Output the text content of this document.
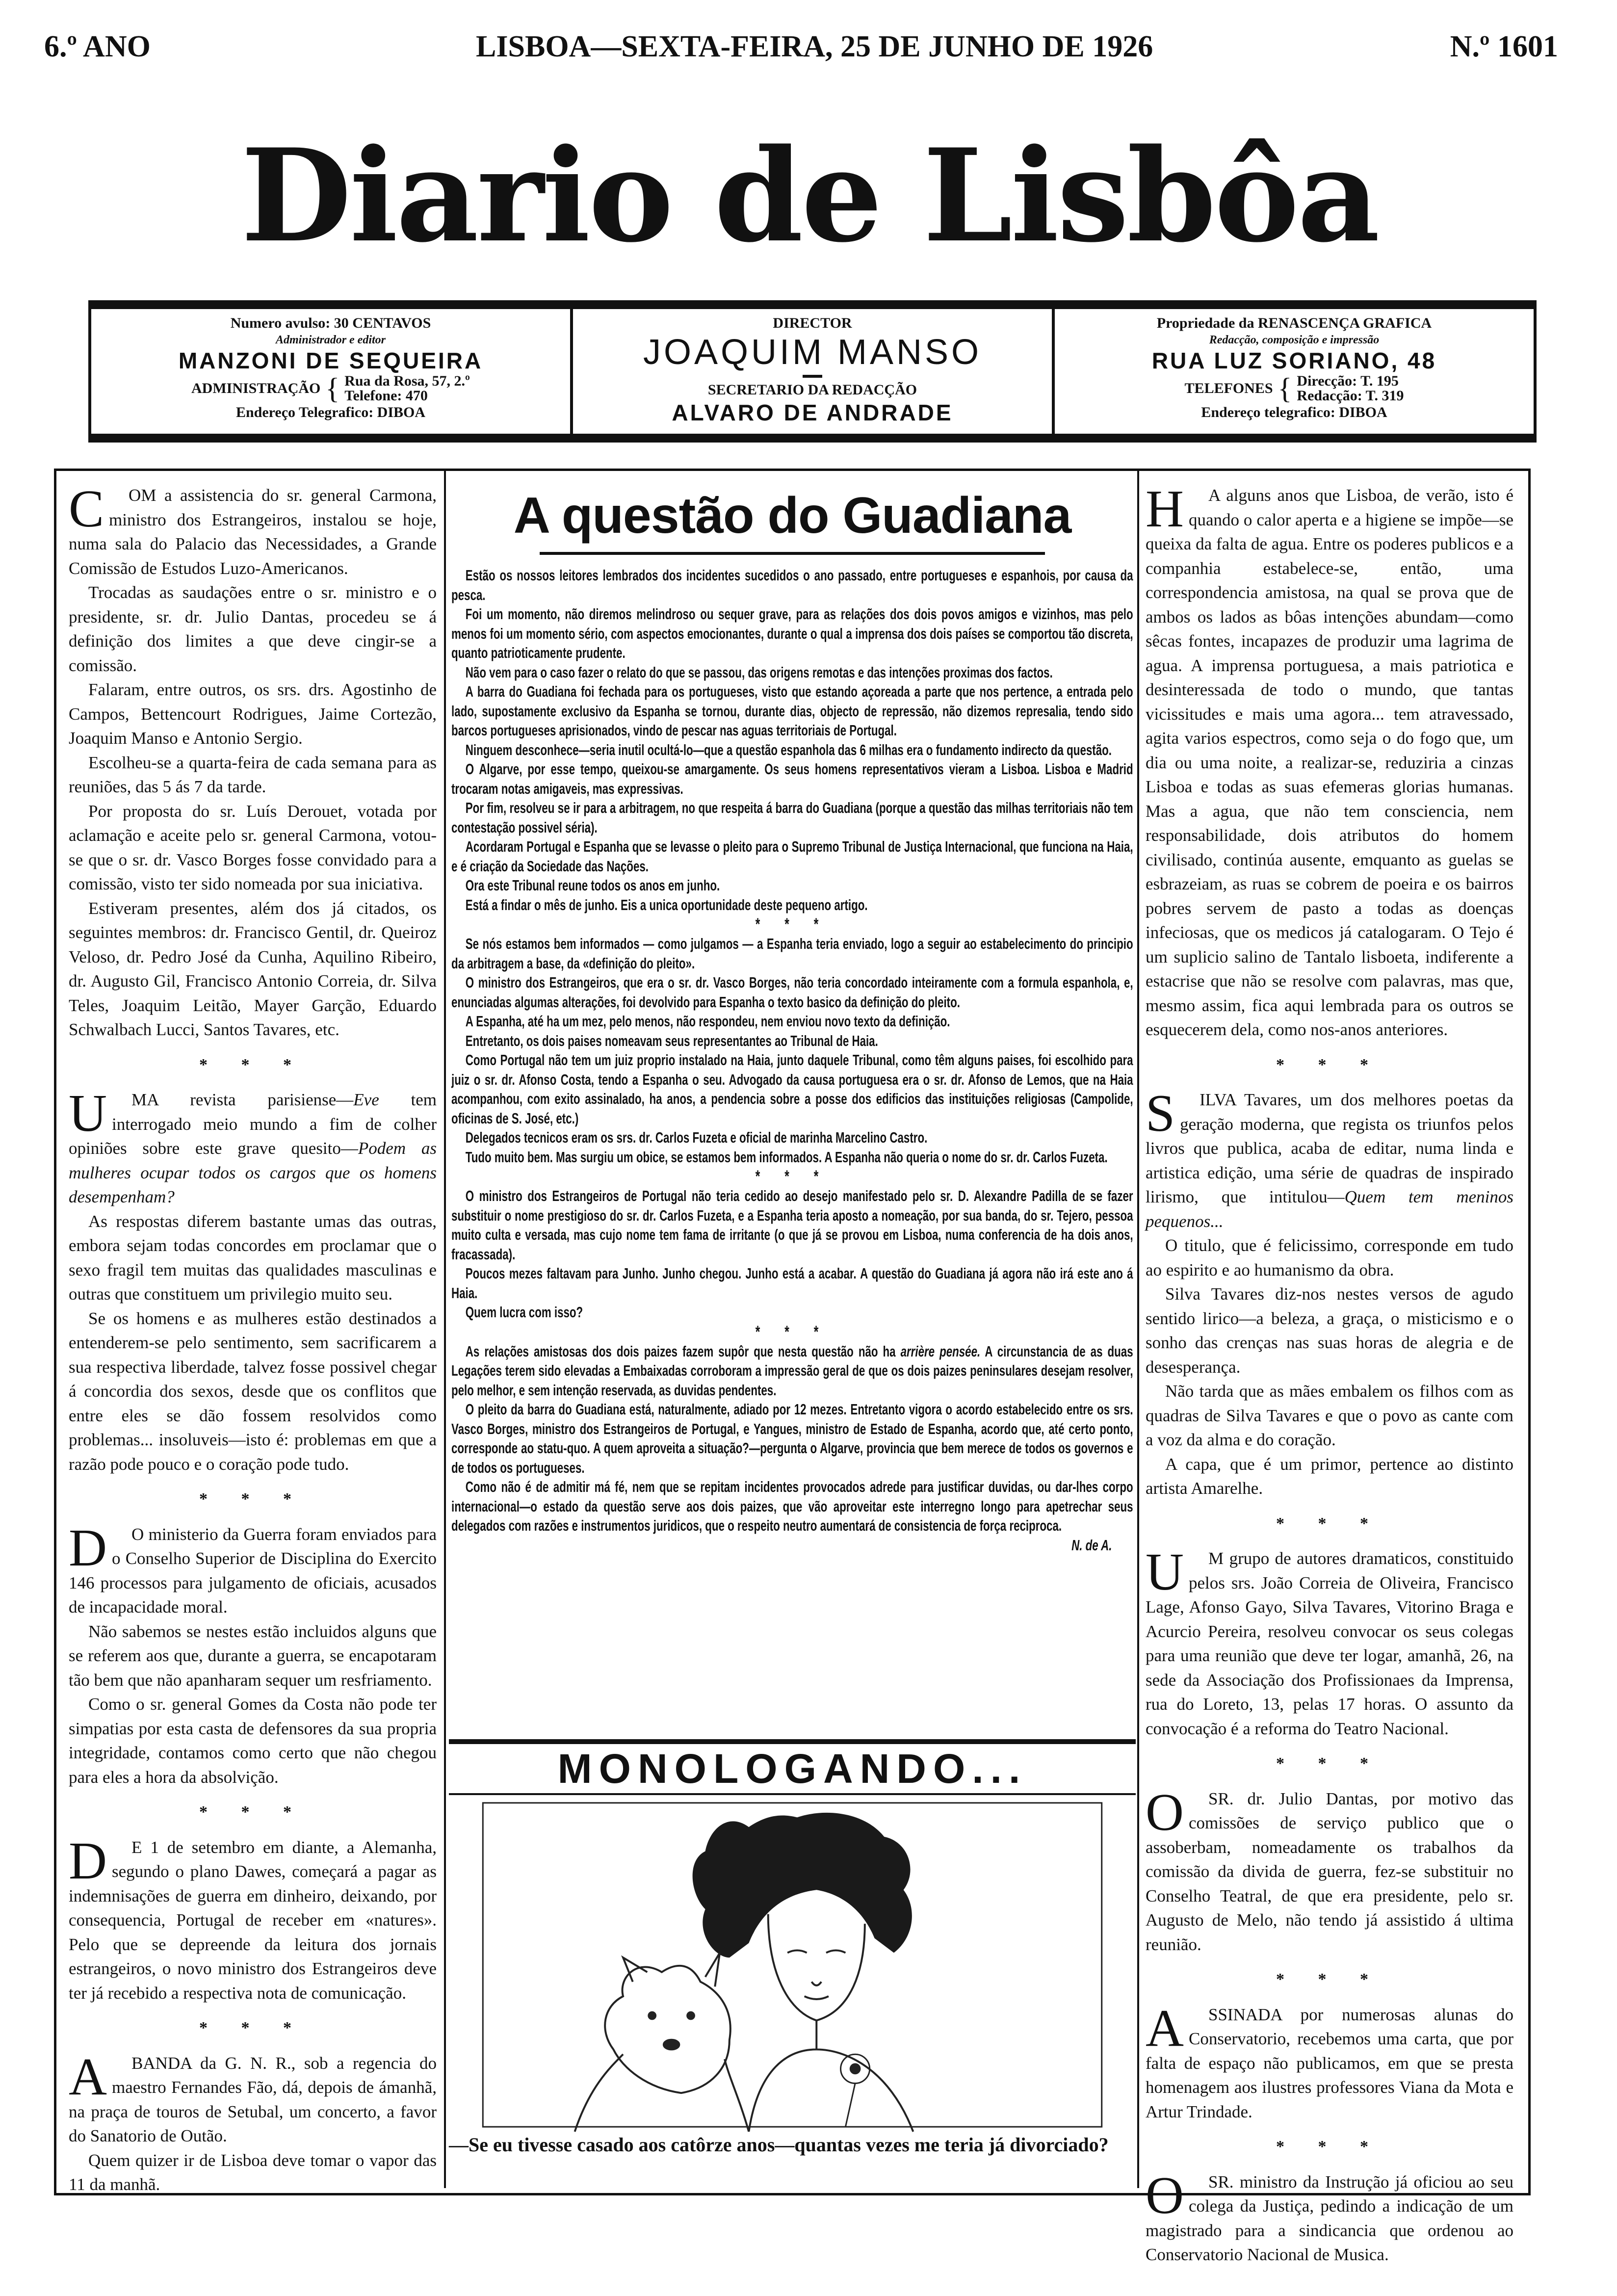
6.º ANO	LISBOA—SEXTA-FEIRA, 25 DE JUNHO DE 1926	N.º 1601
Diario de Lisbôa
Numero avulso: 30 CENTAVOS
Administrador e editor
MANZONI DE SEQUEIRA
ADMINISTRAÇÃO { Rua da Rosa, 57, 2.º
Telefone: 470
Endereço Telegrafico: DIBOA
DIRECTOR
JOAQUIM MANSO
SECRETARIO DA REDACÇÃO
ALVARO DE ANDRADE
Propriedade da RENASCENÇA GRAFICA
Redacção, composição e impressão
RUA LUZ SORIANO, 48
TELEFONES { Direcção: T. 195
Redacção: T. 319
Endereço telegrafico: DIBOA
C	OM a assistencia do sr. general Carmona, ministro dos Estrangeiros, instalou se hoje, numa sala do Palacio das Necessidades, a Grande Comissão de Estudos Luzo-Americanos.

Trocadas as saudações entre o sr. ministro e o presidente, sr. dr. Julio Dantas, procedeu se á definição dos limites a que deve cingir-se a comissão.

Falaram, entre outros, os srs. drs. Agostinho de Campos, Bettencourt Rodrigues, Jaime Cortezão, Joaquim Manso e Antonio Sergio.

Escolheu-se a quarta-feira de cada semana para as reuniões, das 5 ás 7 da tarde.

Por proposta do sr. Luís Derouet, votada por aclamação e aceite pelo sr. general Carmona, votou-se que o sr. dr. Vasco Borges fosse convidado para a comissão, visto ter sido nomeada por sua iniciativa.

Estiveram presentes, além dos já citados, os seguintes membros: dr. Francisco Gentil, dr. Queiroz Veloso, dr. Pedro José da Cunha, Aquilino Ribeiro, dr. Augusto Gil, Francisco Antonio Correia, dr. Silva Teles, Joaquim Leitão, Mayer Garção, Eduardo Schwalbach Lucci, Santos Tavares, etc.

* * *
U	MA revista parisiense—Eve tem interrogado meio mundo a fim de colher opiniões sobre este grave quesito—Podem as mulheres ocupar todos os cargos que os homens desempenham?

As respostas diferem bastante umas das outras, embora sejam todas concordes em proclamar que o sexo fragil tem muitas das qualidades masculinas e outras que constituem um privilegio muito seu.

Se os homens e as mulheres estão destinados a entenderem-se pelo sentimento, sem sacrificarem a sua respectiva liberdade, talvez fosse possivel chegar á concordia dos sexos, desde que os conflitos que entre eles se dão fossem resolvidos como problemas... insoluveis—isto é: problemas em que a razão pode pouco e o coração pode tudo.

* * *
D	O ministerio da Guerra foram enviados para o Conselho Superior de Disciplina do Exercito 146 processos para julgamento de oficiais, acusados de incapacidade moral.

Não sabemos se nestes estão incluidos alguns que se referem aos que, durante a guerra, se encapotaram tão bem que não apanharam sequer um resfriamento.

Como o sr. general Gomes da Costa não pode ter simpatias por esta casta de defensores da sua propria integridade, contamos como certo que não chegou para eles a hora da absolvição.

* * *
D	E 1 de setembro em diante, a Alemanha, segundo o plano Dawes, começará a pagar as indemnisações de guerra em dinheiro, deixando, por consequencia, Portugal de receber em «natures». Pelo que se depreende da leitura dos jornais estrangeiros, o novo ministro dos Estrangeiros deve ter já recebido a respectiva nota de comunicação.

* * *
A	BANDA da G. N. R., sob a regencia do maestro Fernandes Fão, dá, depois de ámanhã, na praça de touros de Setubal, um concerto, a favor do Sanatorio de Outão.

Quem quizer ir de Lisboa deve tomar o vapor das 11 da manhã.

A questão do Guadiana

Estão os nossos leitores lembrados dos incidentes sucedidos o ano passado, entre portugueses e espanhois, por causa da pesca.

Foi um momento, não diremos melindroso ou sequer grave, para as relações dos dois povos amigos e vizinhos, mas pelo menos foi um momento sério, com aspectos emocionantes, durante o qual a imprensa dos dois países se comportou tão discreta, quanto patrioticamente prudente.

Não vem para o caso fazer o relato do que se passou, das origens remotas e das intenções proximas dos factos.

A barra do Guadiana foi fechada para os portugueses, visto que estando açoreada a parte que nos pertence, a entrada pelo lado, supostamente exclusivo da Espanha se tornou, durante dias, objecto de repressão, não dizemos represalia, tendo sido barcos portugueses aprisionados, vindo de pescar nas aguas territoriais de Portugal.

Ninguem desconhece—seria inutil ocultá-lo—que a questão espanhola das 6 milhas era o fundamento indirecto da questão.

O Algarve, por esse tempo, queixou-se amargamente. Os seus homens representativos vieram a Lisboa. Lisboa e Madrid trocaram notas amigaveis, mas expressivas.

Por fim, resolveu se ir para a arbitragem, no que respeita á barra do Guadiana (porque a questão das milhas territoriais não tem contestação possivel séria).

Acordaram Portugal e Espanha que se levasse o pleito para o Supremo Tribunal de Justiça Internacional, que funciona na Haia, e é criação da Sociedade das Nações.

Ora este Tribunal reune todos os anos em junho.

Está a findar o mês de junho. Eis a unica oportunidade deste pequeno artigo.

* * *

Se nós estamos bem informados — como julgamos — a Espanha teria enviado, logo a seguir ao estabelecimento do principio da arbitragem a base, da «definição do pleito».

O ministro dos Estrangeiros, que era o sr. dr. Vasco Borges, não teria concordado inteiramente com a formula espanhola, e, enunciadas algumas alterações, foi devolvido para Espanha o texto basico da definição do pleito.

A Espanha, até ha um mez, pelo menos, não respondeu, nem enviou novo texto da definição.

Entretanto, os dois paises nomeavam seus representantes ao Tribunal de Haia.

Como Portugal não tem um juiz proprio instalado na Haia, junto daquele Tribunal, como têm alguns paises, foi escolhido para juiz o sr. dr. Afonso Costa, tendo a Espanha o seu. Advogado da causa portuguesa era o sr. dr. Afonso de Lemos, que na Haia acompanhou, com exito assinalado, ha anos, a pendencia sobre a posse dos edificios das instituições religiosas (Campolide, oficinas de S. José, etc.)

Delegados tecnicos eram os srs. dr. Carlos Fuzeta e oficial de marinha Marcelino Castro.

Tudo muito bem. Mas surgiu um obice, se estamos bem informados. A Espanha não queria o nome do sr. dr. Carlos Fuzeta.

* * *

O ministro dos Estrangeiros de Portugal não teria cedido ao desejo manifestado pelo sr. D. Alexandre Padilla de se fazer substituir o nome prestigioso do sr. dr. Carlos Fuzeta, e a Espanha teria aposto a nomeação, por sua banda, do sr. Tejero, pessoa muito culta e versada, mas cujo nome tem fama de irritante (o que já se provou em Lisboa, numa conferencia de ha dois anos, fracassada).

Poucos mezes faltavam para Junho. Junho chegou. Junho está a acabar. A questão do Guadiana já agora não irá este ano á Haia.

Quem lucra com isso?

* * *

As relações amistosas dos dois paizes fazem supôr que nesta questão não ha arrière pensée. A circunstancia de as duas Legações terem sido elevadas a Embaixadas corroboram a impressão geral de que os dois paizes peninsulares desejam resolver, pelo melhor, e sem intenção reservada, as duvidas pendentes.

O pleito da barra do Guadiana está, naturalmente, adiado por 12 mezes. Entretanto vigora o acordo estabelecido entre os srs. Vasco Borges, ministro dos Estrangeiros de Portugal, e Yangues, ministro de Estado de Espanha, acordo que, até certo ponto, corresponde ao statu-quo. A quem aproveita a situação?—pergunta o Algarve, provincia que bem merece de todos os governos e de todos os portugueses.

Como não é de admitir má fé, nem que se repitam incidentes provocados adrede para justificar duvidas, ou dar-lhes corpo internacional—o estado da questão serve aos dois paizes, que vão aproveitar este interregno longo para apetrechar seus delegados com razões e instrumentos juridicos, que o respeito neutro aumentará de consistencia de força reciproca.

N. de A.
MONOLOGANDO...
—Se eu tivesse casado aos catôrze anos—quantas vezes me teria já divorciado?
H	A alguns anos que Lisboa, de verão, isto é quando o calor aperta e a higiene se impõe—se queixa da falta de agua. Entre os poderes publicos e a companhia estabelece-se, então, uma correspondencia amistosa, na qual se prova que de ambos os lados as bôas intenções abundam—como sêcas fontes, incapazes de produzir uma lagrima de agua. A imprensa portuguesa, a mais patriotica e desinteressada de todo o mundo, que tantas vicissitudes e mais uma agora... tem atravessado, agita varios espectros, como seja o do fogo que, um dia ou uma noite, a realizar-se, reduziria a cinzas Lisboa e todas as suas efemeras glorias humanas. Mas a agua, que não tem consciencia, nem responsabilidade, dois atributos do homem civilisado, continúa ausente, emquanto as guelas se esbrazeiam, as ruas se cobrem de poeira e os bairros pobres servem de pasto a todas as doenças infeciosas, que os medicos já catalogaram. O Tejo é um suplicio salino de Tantalo lisboeta, indiferente a estacrise que não se resolve com palavras, mas que, mesmo assim, fica aqui lembrada para os outros se esquecerem dela, como nos-anos anteriores.

* * *
S	ILVA Tavares, um dos melhores poetas da geração moderna, que regista os triunfos pelos livros que publica, acaba de editar, numa linda e artistica edição, uma série de quadras de inspirado lirismo, que intitulou—Quem tem meninos pequenos...

O titulo, que é felicissimo, corresponde em tudo ao espirito e ao humanismo da obra.

Silva Tavares diz-nos nestes versos de agudo sentido lirico—a beleza, a graça, o misticismo e o sonho das crenças nas suas horas de alegria e de desesperança.

Não tarda que as mães embalem os filhos com as quadras de Silva Tavares e que o povo as cante com a voz da alma e do coração.

A capa, que é um primor, pertence ao distinto artista Amarelhe.

* * *
U	M grupo de autores dramaticos, constituido pelos srs. João Correia de Oliveira, Francisco Lage, Afonso Gayo, Silva Tavares, Vitorino Braga e Acurcio Pereira, resolveu convocar os seus colegas para uma reunião que deve ter logar, amanhã, 26, na sede da Associação dos Profissionaes da Imprensa, rua do Loreto, 13, pelas 17 horas. O assunto da convocação é a reforma do Teatro Nacional.

* * *
O	SR. dr. Julio Dantas, por motivo das comissões de serviço publico que o assoberbam, nomeadamente os trabalhos da comissão da divida de guerra, fez-se substituir no Conselho Teatral, de que era presidente, pelo sr. Augusto de Melo, não tendo já assistido á ultima reunião.

* * *
A	SSINADA por numerosas alunas do Conservatorio, recebemos uma carta, que por falta de espaço não publicamos, em que se presta homenagem aos ilustres professores Viana da Mota e Artur Trindade.

* * *
O	SR. ministro da Instrução já oficiou ao seu colega da Justiça, pedindo a indicação de um magistrado para a sindicancia que ordenou ao Conservatorio Nacional de Musica.
